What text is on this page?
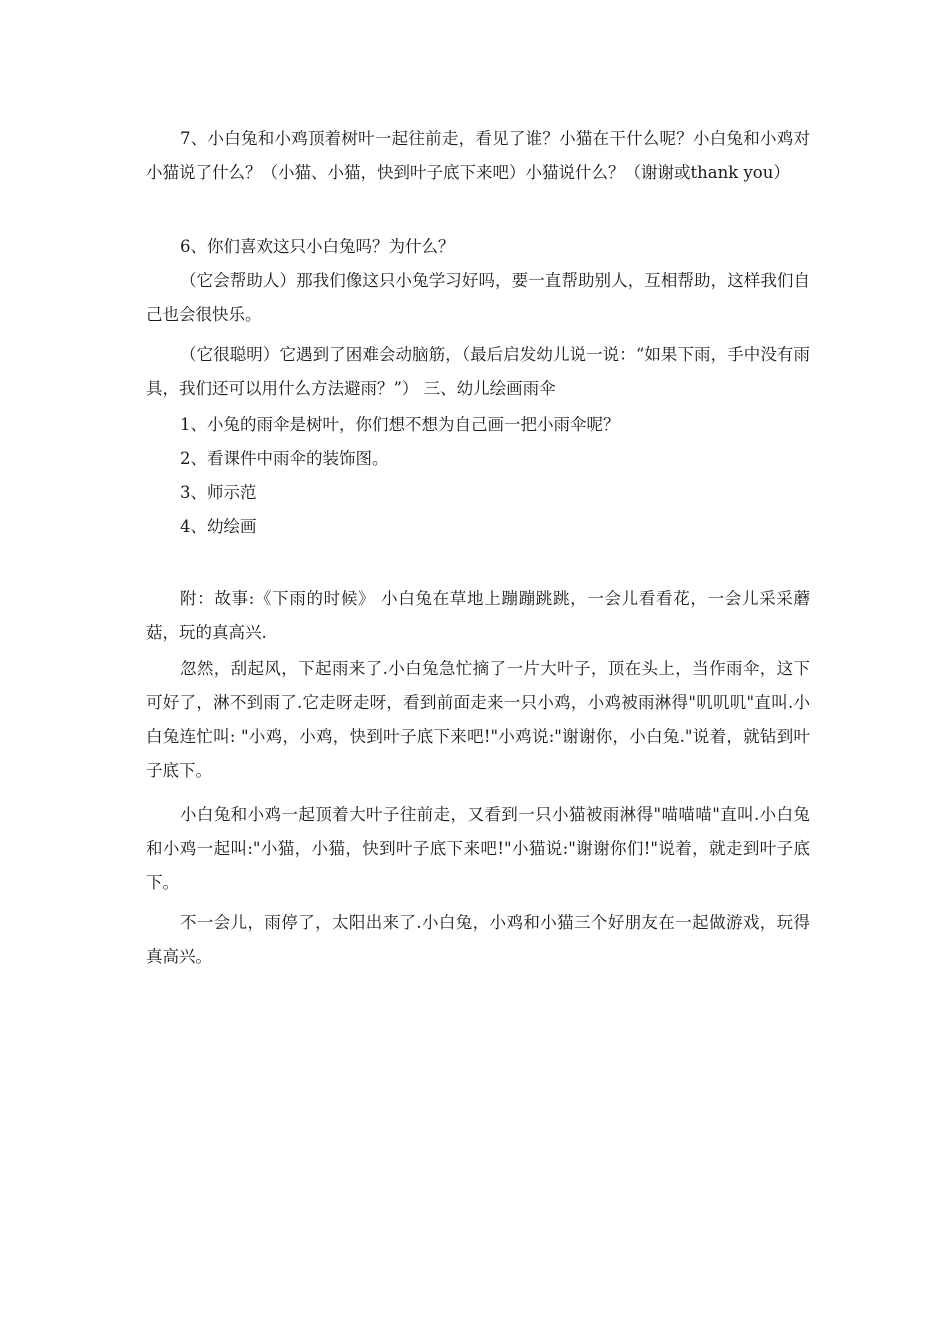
7、小白兔和小鸡顶着树叶一起往前走，看见了谁？小猫在干什么呢？小白兔和小鸡对小猫说了什么？（小猫、小猫，快到叶子底下来吧）小猫说什么？（谢谢或thank you）

6、你们喜欢这只小白兔吗？为什么？

（它会帮助人）那我们像这只小兔学习好吗，要一直帮助别人，互相帮助，这样我们自己也会很快乐。

（它很聪明）它遇到了困难会动脑筋，（最后启发幼儿说一说：“如果下雨，手中没有雨具，我们还可以用什么方法避雨？”） 三、幼儿绘画雨伞

1、小兔的雨伞是树叶，你们想不想为自己画一把小雨伞呢？

2、看课件中雨伞的装饰图。

3、师示范

4、幼绘画

附：故事:《下雨的时候》 小白兔在草地上蹦蹦跳跳，一会儿看看花，一会儿采采蘑菇，玩的真高兴.

忽然，刮起风，下起雨来了.小白兔急忙摘了一片大叶子，顶在头上，当作雨伞，这下可好了，淋不到雨了.它走呀走呀，看到前面走来一只小鸡，小鸡被雨淋得"叽叽叽"直叫.小白兔连忙叫: "小鸡，小鸡，快到叶子底下来吧!"小鸡说:"谢谢你，小白兔."说着，就钻到叶子底下。

小白兔和小鸡一起顶着大叶子往前走，又看到一只小猫被雨淋得"喵喵喵"直叫.小白兔和小鸡一起叫:"小猫，小猫，快到叶子底下来吧!"小猫说:"谢谢你们!"说着，就走到叶子底下。

不一会儿，雨停了，太阳出来了.小白兔，小鸡和小猫三个好朋友在一起做游戏，玩得真高兴。
